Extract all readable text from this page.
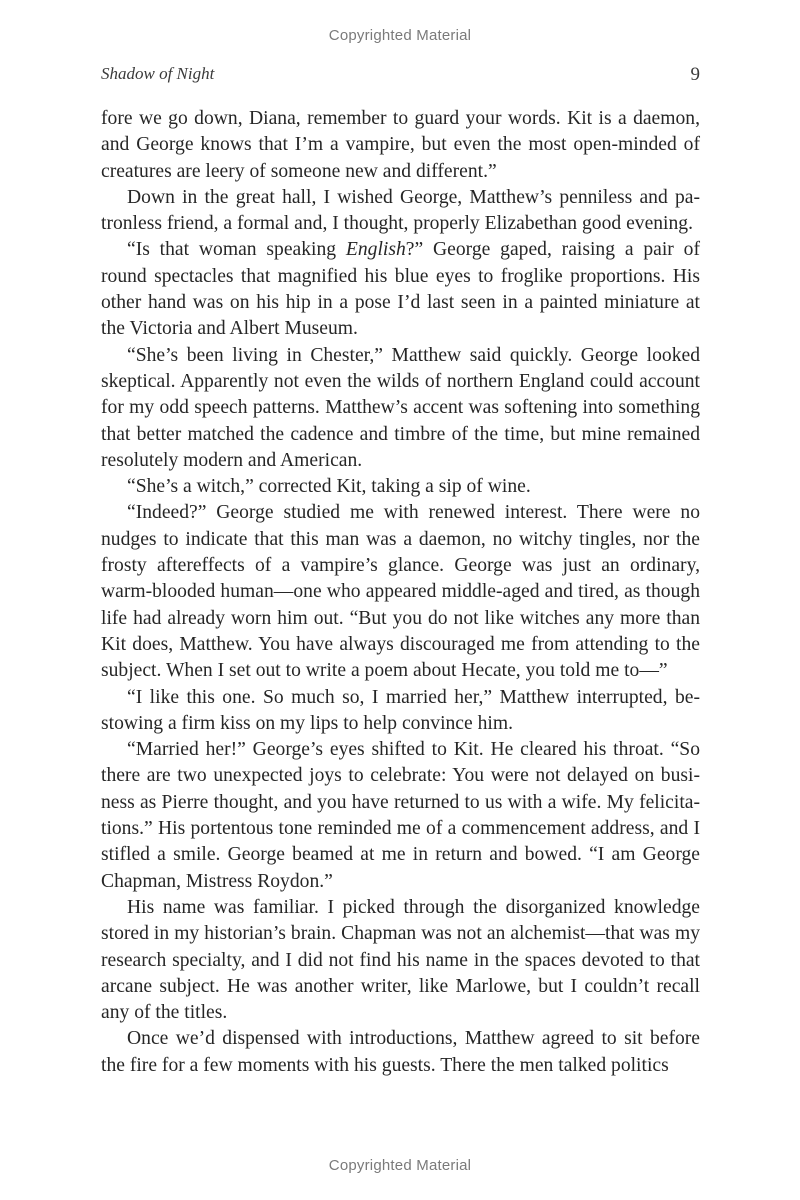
Copyrighted Material
Shadow of Night	9

fore we go down, Diana, remember to guard your words. Kit is a daemon, and George knows that I’m a vampire, but even the most open-minded of creatures are leery of someone new and different.”

Down in the great hall, I wished George, Matthew’s penniless and patronless friend, a formal and, I thought, properly Elizabethan good evening.

“Is that woman speaking English?” George gaped, raising a pair of round spectacles that magnified his blue eyes to froglike proportions. His other hand was on his hip in a pose I’d last seen in a painted miniature at the Victoria and Albert Museum.

“She’s been living in Chester,” Matthew said quickly. George looked skeptical. Apparently not even the wilds of northern England could account for my odd speech patterns. Matthew’s accent was softening into something that better matched the cadence and timbre of the time, but mine remained resolutely modern and American.

“She’s a witch,” corrected Kit, taking a sip of wine.

“Indeed?” George studied me with renewed interest. There were no nudges to indicate that this man was a daemon, no witchy tingles, nor the frosty aftereffects of a vampire’s glance. George was just an ordinary, warm-blooded human—one who appeared middle-aged and tired, as though life had already worn him out. “But you do not like witches any more than Kit does, Matthew. You have always discouraged me from attending to the subject. When I set out to write a poem about Hecate, you told me to—”

“I like this one. So much so, I married her,” Matthew interrupted, bestowing a firm kiss on my lips to help convince him.

“Married her!” George’s eyes shifted to Kit. He cleared his throat. “So there are two unexpected joys to celebrate: You were not delayed on business as Pierre thought, and you have returned to us with a wife. My felicitations.” His portentous tone reminded me of a commencement address, and I stifled a smile. George beamed at me in return and bowed. “I am George Chapman, Mistress Roydon.”

His name was familiar. I picked through the disorganized knowledge stored in my historian’s brain. Chapman was not an alchemist—that was my research specialty, and I did not find his name in the spaces devoted to that arcane subject. He was another writer, like Marlowe, but I couldn’t recall any of the titles.

Once we’d dispensed with introductions, Matthew agreed to sit before the fire for a few moments with his guests. There the men talked politics

Copyrighted Material
